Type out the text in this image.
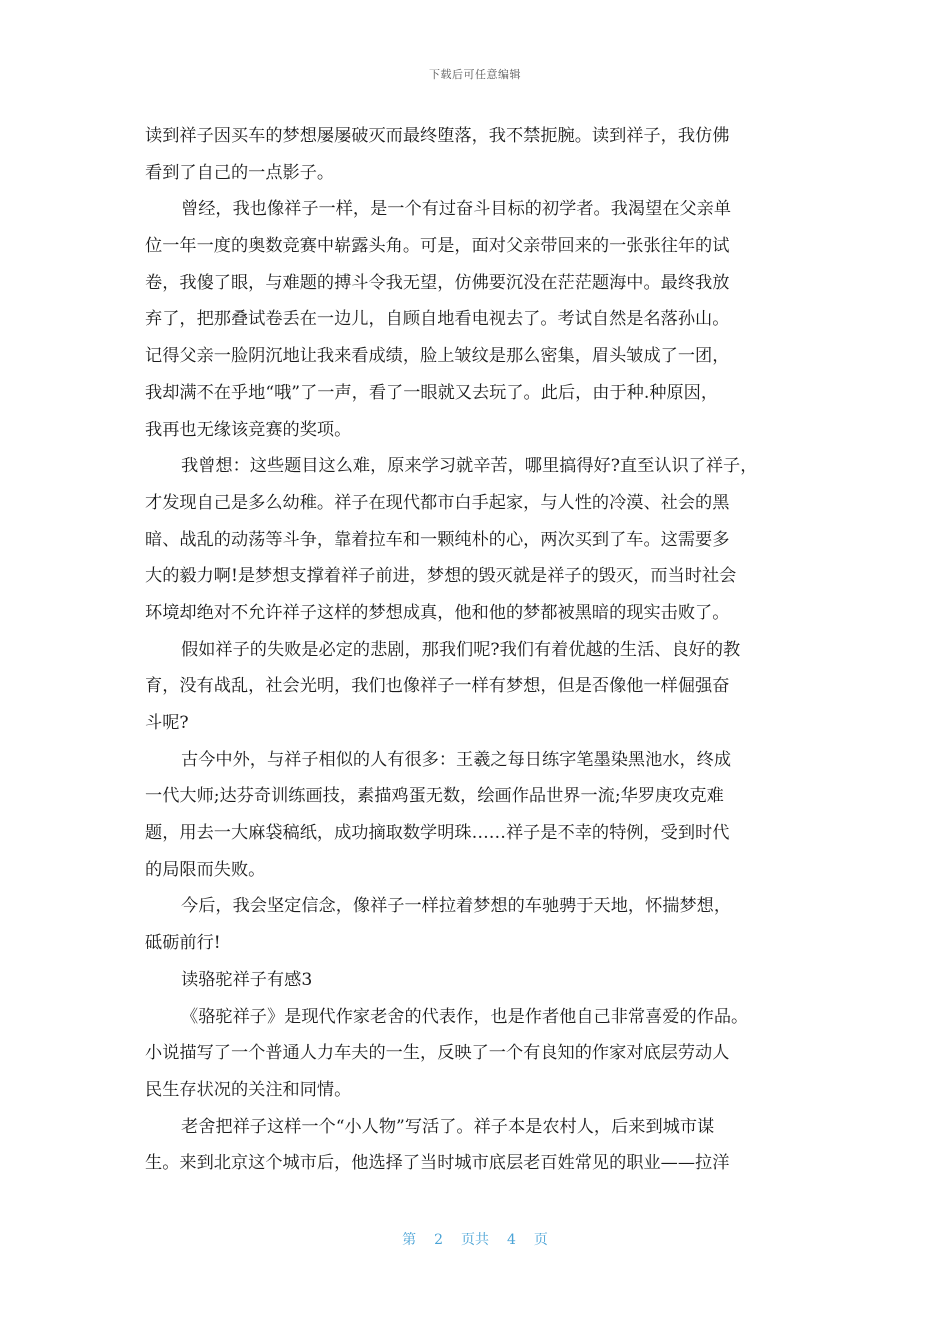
下载后可任意编辑
读到祥子因买车的梦想屡屡破灭而最终堕落，我不禁扼腕。读到祥子，我仿佛
看到了自己的一点影子。
曾经，我也像祥子一样，是一个有过奋斗目标的初学者。我渴望在父亲单
位一年一度的奥数竞赛中崭露头角。可是，面对父亲带回来的一张张往年的试
卷，我傻了眼，与难题的搏斗令我无望，仿佛要沉没在茫茫题海中。最终我放
弃了，把那叠试卷丢在一边儿，自顾自地看电视去了。考试自然是名落孙山。
记得父亲一脸阴沉地让我来看成绩，脸上皱纹是那么密集，眉头皱成了一团，
我却满不在乎地“哦”了一声，看了一眼就又去玩了。此后，由于种.种原因，
我再也无缘该竞赛的奖项。
我曾想：这些题目这么难，原来学习就辛苦，哪里搞得好?直至认识了祥子，
才发现自己是多么幼稚。祥子在现代都市白手起家，与人性的冷漠、社会的黑
暗、战乱的动荡等斗争，靠着拉车和一颗纯朴的心，两次买到了车。这需要多
大的毅力啊!是梦想支撑着祥子前进，梦想的毁灭就是祥子的毁灭，而当时社会
环境却绝对不允许祥子这样的梦想成真，他和他的梦都被黑暗的现实击败了。
假如祥子的失败是必定的悲剧，那我们呢?我们有着优越的生活、良好的教
育，没有战乱，社会光明，我们也像祥子一样有梦想，但是否像他一样倔强奋
斗呢?
古今中外，与祥子相似的人有很多：王羲之每日练字笔墨染黑池水，终成
一代大师;达芬奇训练画技，素描鸡蛋无数，绘画作品世界一流;华罗庚攻克难
题，用去一大麻袋稿纸，成功摘取数学明珠……祥子是不幸的特例，受到时代
的局限而失败。
今后，我会坚定信念，像祥子一样拉着梦想的车驰骋于天地，怀揣梦想，
砥砺前行!
读骆驼祥子有感3
《骆驼祥子》是现代作家老舍的代表作，也是作者他自己非常喜爱的作品。
小说描写了一个普通人力车夫的一生，反映了一个有良知的作家对底层劳动人
民生存状况的关注和同情。
老舍把祥子这样一个“小人物”写活了。祥子本是农村人，后来到城市谋
生。来到北京这个城市后，他选择了当时城市底层老百姓常见的职业——拉洋
第 2 页共 4 页
